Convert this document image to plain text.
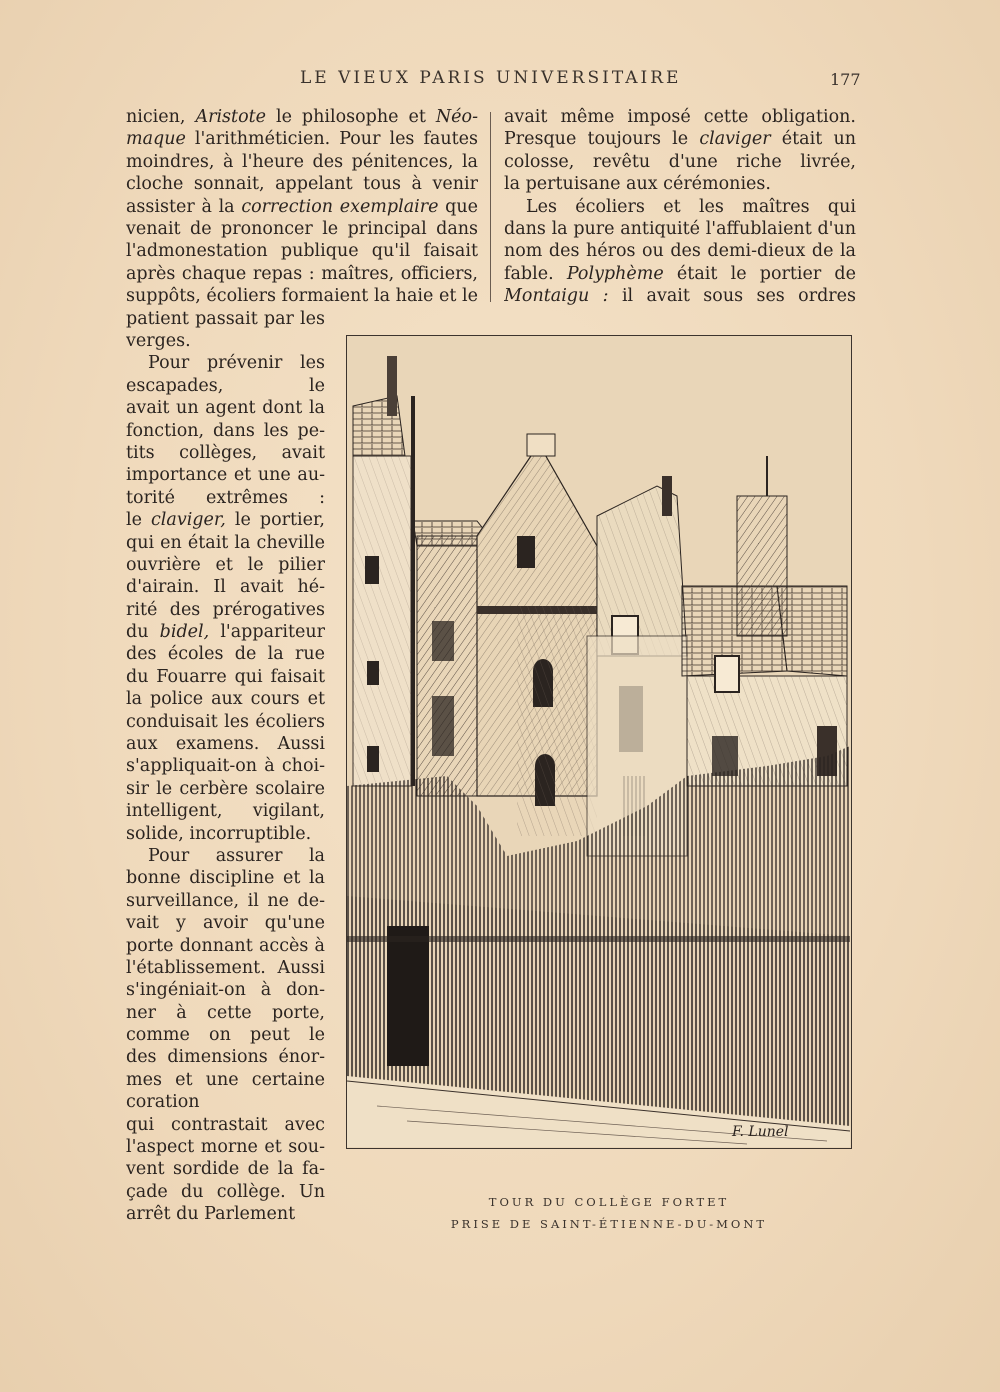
LE VIEUX PARIS UNIVERSITAIRE	177
nicien, Aristote le philosophe et Néo-
maque l'arithméticien. Pour les fautes
moindres, à l'heure des pénitences, la
cloche sonnait, appelant tous à venir
assister à la correction exemplaire que
venait de prononcer le principal dans
l'admonestation publique qu'il faisait
après chaque repas : maîtres, officiers,
suppôts, écoliers formaient la haie et le
avait même imposé cette obligation.
Presque toujours le claviger était un
colosse, revêtu d'une riche livrée,
la pertuisane aux cérémonies.
Les écoliers et les maîtres qui
dans la pure antiquité l'affublaient d'un
nom des héros ou des demi-dieux de la
fable. Polyphème était le portier de
Montaigu : il avait sous ses ordres
patient passait par les
verges.
Pour prévenir les
escapades, le
avait un agent dont la
fonction, dans les pe-
tits collèges, avait
importance et une au-
torité extrêmes :
le claviger, le portier,
qui en était la cheville
ouvrière et le pilier
d'airain. Il avait hé-
rité des prérogatives
du bidel, l'appariteur
des écoles de la rue
du Fouarre qui faisait
la police aux cours et
conduisait les écoliers
aux examens. Aussi
s'appliquait-on à choi-
sir le cerbère scolaire
intelligent, vigilant,
solide, incorruptible.
Pour assurer la
bonne discipline et la
surveillance, il ne de-
vait y avoir qu'une
porte donnant accès à
l'établissement. Aussi
s'ingéniait-on à don-
ner à cette porte,
comme on peut le
des dimensions énor-
mes et une certaine
coration
qui contrastait avec
l'aspect morne et sou-
vent sordide de la fa-
çade du collège. Un
arrêt du Parlement
F. Lunel
TOUR DU COLLÈGE FORTET
PRISE DE SAINT-ÉTIENNE-DU-MONT
